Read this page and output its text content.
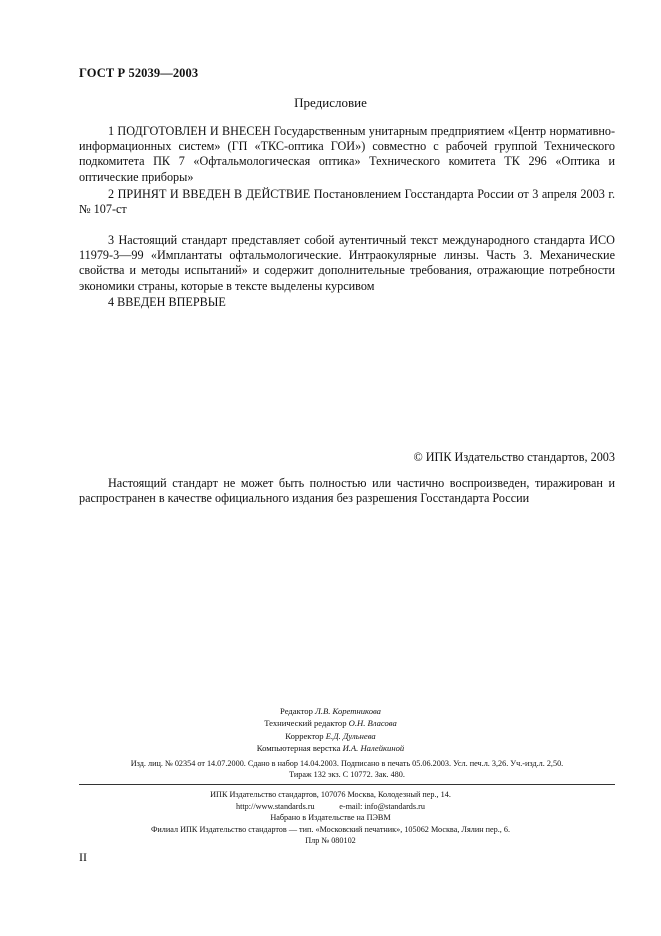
ГОСТ Р 52039—2003
Предисловие
1 ПОДГОТОВЛЕН И ВНЕСЕН Государственным унитарным предприятием «Центр нормативно-информационных систем» (ГП «ТКС-оптика ГОИ») совместно с рабочей группой Технического подкомитета ПК 7 «Офтальмологическая оптика» Технического комитета ТК 296 «Оптика и оптические приборы»
2 ПРИНЯТ И ВВЕДЕН В ДЕЙСТВИЕ Постановлением Госстандарта России от 3 апреля 2003 г. № 107-ст
3 Настоящий стандарт представляет собой аутентичный текст международного стандарта ИСО 11979-3—99 «Имплантаты офтальмологические. Интраокулярные линзы. Часть 3. Механические свойства и методы испытаний» и содержит дополнительные требования, отражающие потребности экономики страны, которые в тексте выделены курсивом
4 ВВЕДЕН ВПЕРВЫЕ
© ИПК Издательство стандартов, 2003
Настоящий стандарт не может быть полностью или частично воспроизведен, тиражирован и распространен в качестве официального издания без разрешения Госстандарта России
Редактор Л.В. Коретникова
Технический редактор О.Н. Власова
Корректор Е.Д. Дульнева
Компьютерная верстка И.А. Налейкиной
Изд. лиц. № 02354 от 14.07.2000. Сдано в набор 14.04.2003. Подписано в печать 05.06.2003. Усл. печ.л. 3,26. Уч.-изд.л. 2,50.
Тираж 132 экз. С 10772. Зак. 480.
ИПК Издательство стандартов, 107076 Москва, Колодезный пер., 14.
http://www.standards.ru	e-mail: info@standards.ru
Набрано в Издательстве на ПЭВМ
Филиал ИПК Издательство стандартов — тип. «Московский печатник», 105062 Москва, Лялин пер., 6.
Плр № 080102
II
